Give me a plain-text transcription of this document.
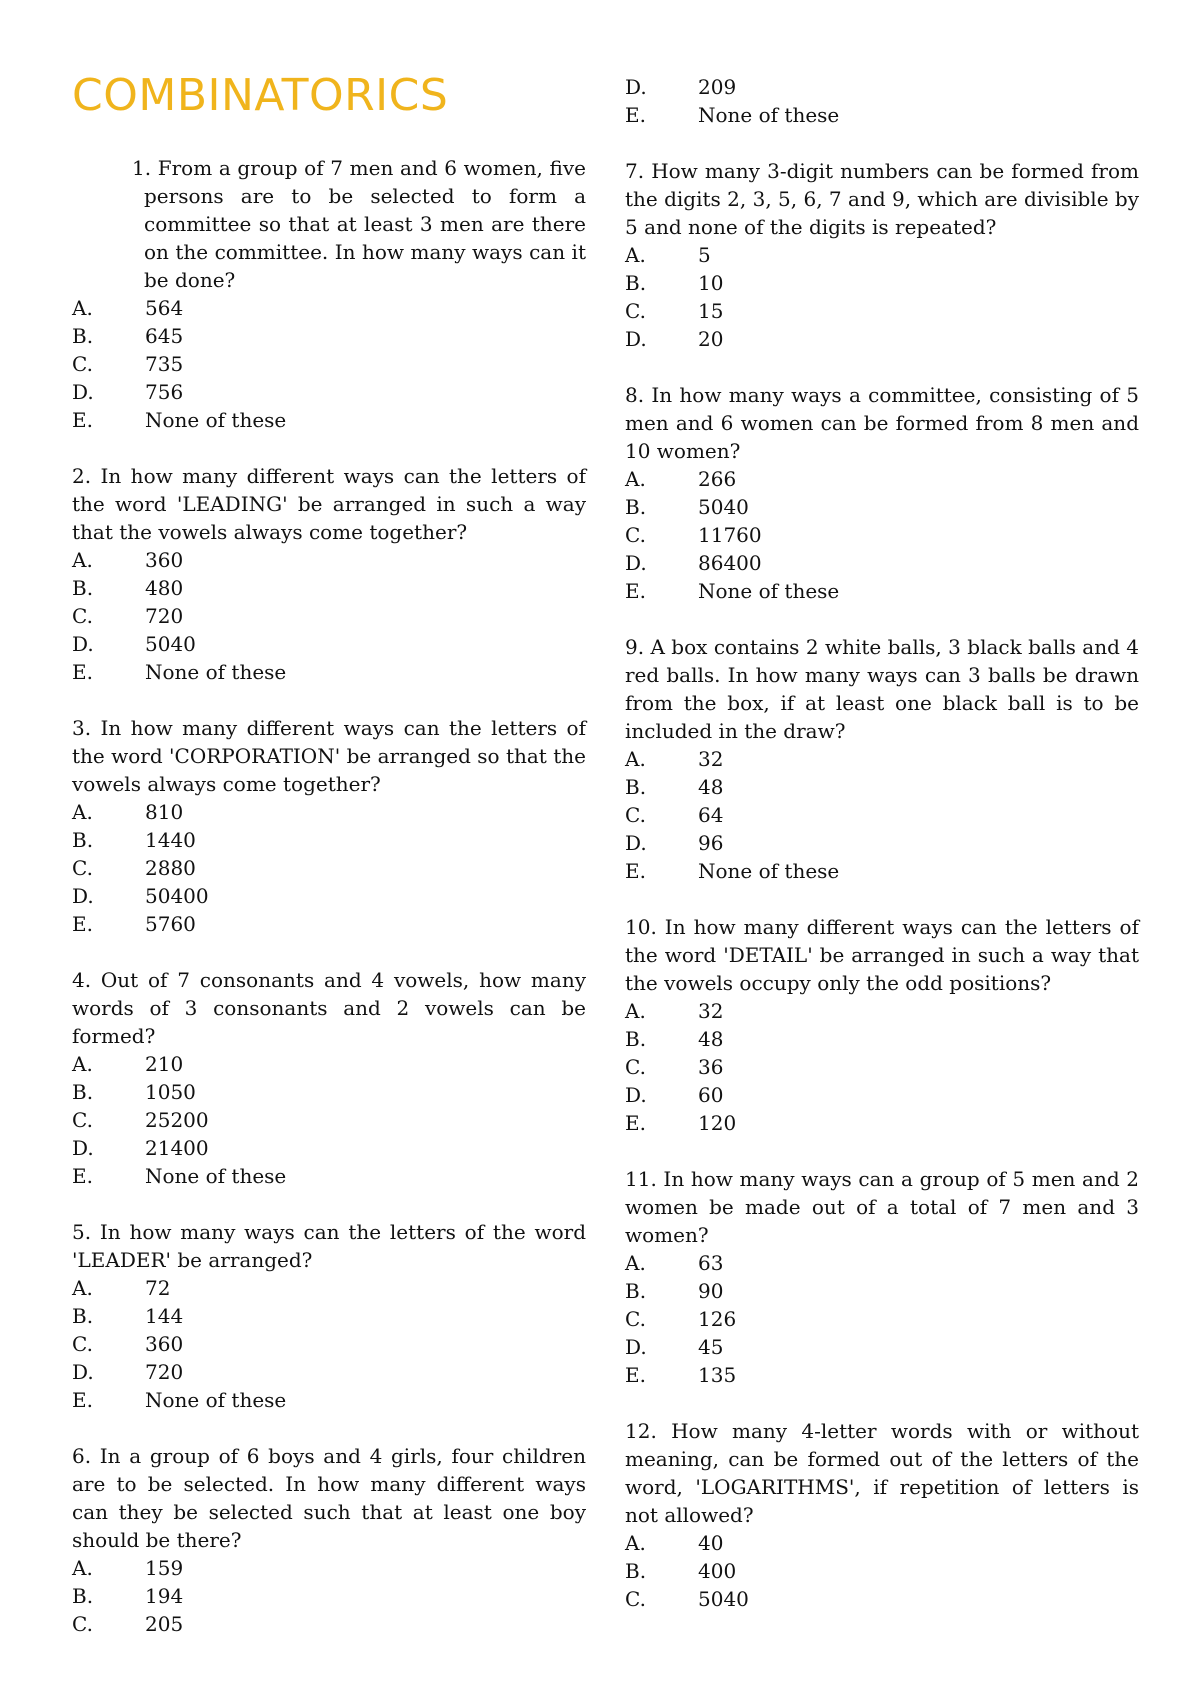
COMBINATORICS

1. From a group of 7 men and 6 women, five persons are to be selected to form a committee so that at least 3 men are there on the committee. In how many ways can it be done?

A.	564
B.	645
C.	735
D.	756
E.	None of these

2. In how many different ways can the letters of the word 'LEADING' be arranged in such a way that the vowels always come together?

A.	360
B.	480
C.	720
D.	5040
E.	None of these

3. In how many different ways can the letters of the word 'CORPORATION' be arranged so that the vowels always come together?

A.	810
B.	1440
C.	2880
D.	50400
E.	5760

4. Out of 7 consonants and 4 vowels, how many words of 3 consonants and 2 vowels can be formed?

A.	210
B.	1050
C.	25200
D.	21400
E.	None of these

5. In how many ways can the letters of the word 'LEADER' be arranged?

A.	72
B.	144
C.	360
D.	720
E.	None of these

6. In a group of 6 boys and 4 girls, four children are to be selected. In how many different ways can they be selected such that at least one boy should be there?

A.	159
B.	194
C.	205
D.	209
E.	None of these

7. How many 3-digit numbers can be formed from the digits 2, 3, 5, 6, 7 and 9, which are divisible by 5 and none of the digits is repeated?

A.	5
B.	10
C.	15
D.	20

8. In how many ways a committee, consisting of 5 men and 6 women can be formed from 8 men and 10 women?

A.	266
B.	5040
C.	11760
D.	86400
E.	None of these

9. A box contains 2 white balls, 3 black balls and 4 red balls. In how many ways can 3 balls be drawn from the box, if at least one black ball is to be included in the draw?

A.	32
B.	48
C.	64
D.	96
E.	None of these

10. In how many different ways can the letters of the word 'DETAIL' be arranged in such a way that the vowels occupy only the odd positions?

A.	32
B.	48
C.	36
D.	60
E.	120

11. In how many ways can a group of 5 men and 2 women be made out of a total of 7 men and 3 women?

A.	63
B.	90
C.	126
D.	45
E.	135

12. How many 4-letter words with or without meaning, can be formed out of the letters of the word, 'LOGARITHMS', if repetition of letters is not allowed?

A.	40
B.	400
C.	5040
